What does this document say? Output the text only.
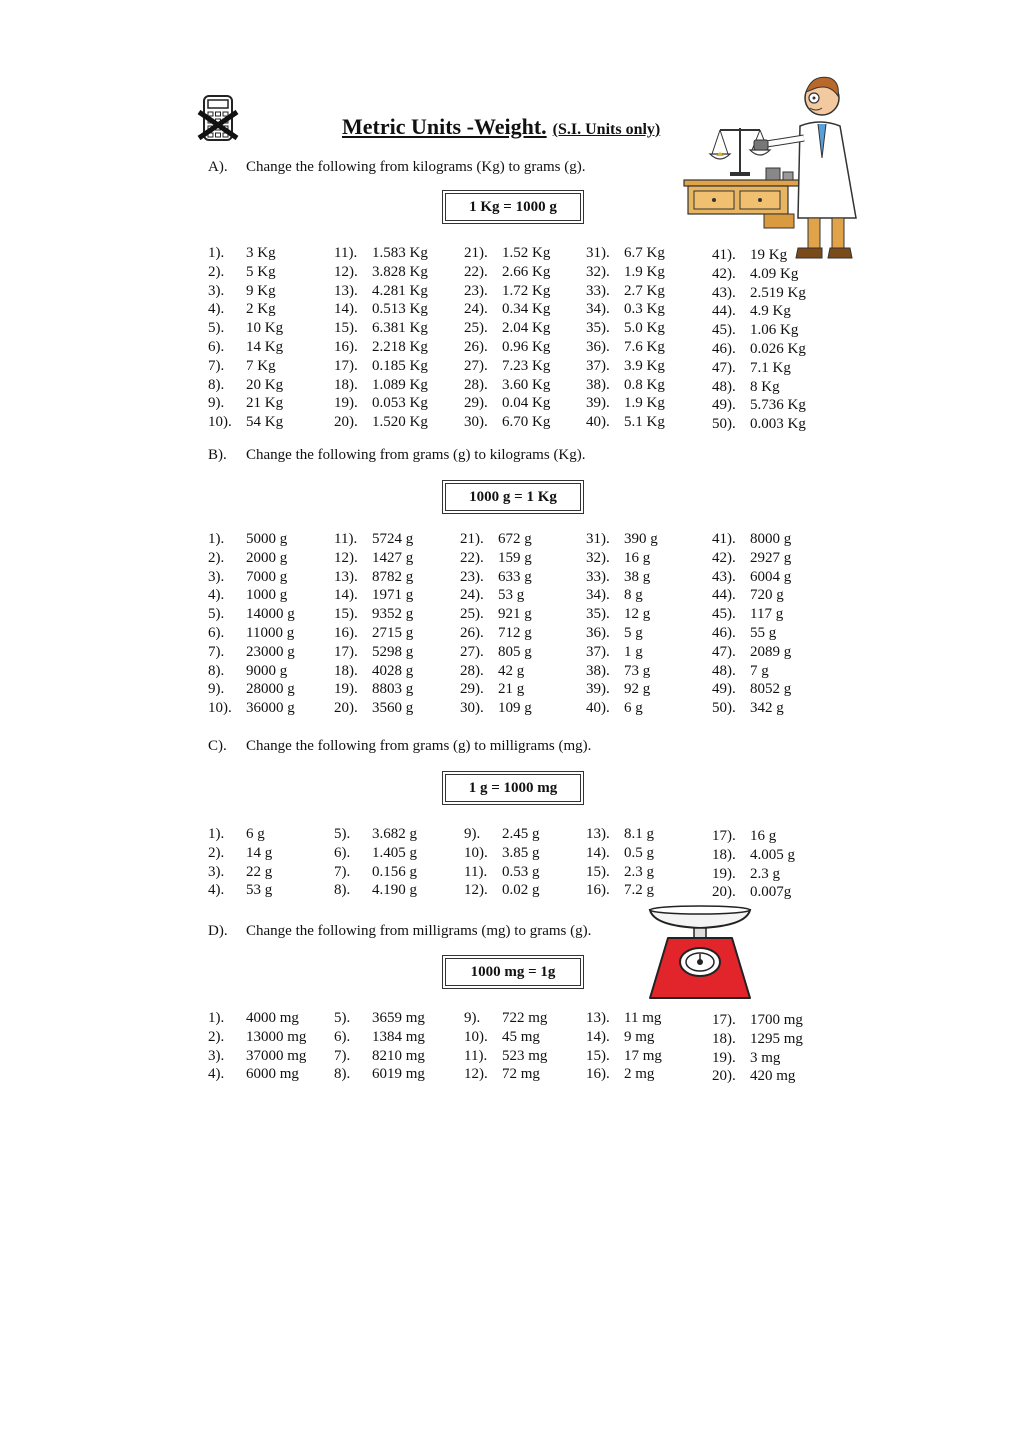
Metric Units -Weight. (S.I. Units only)
A). Change the following from kilograms (Kg) to grams (g).
1 Kg = 1000 g
1).	3 Kg
2).	5 Kg
3).	9 Kg
4).	2 Kg
5).	10 Kg
6).	14 Kg
7).	7 Kg
8).	20 Kg
9).	21 Kg
10). 54 Kg
11). 1.583 Kg
12). 3.828 Kg
13). 4.281 Kg
14). 0.513 Kg
15). 6.381 Kg
16). 2.218 Kg
17). 0.185 Kg
18). 1.089 Kg
19). 0.053 Kg
20). 1.520 Kg
21). 1.52 Kg
22). 2.66 Kg
23). 1.72 Kg
24). 0.34 Kg
25). 2.04 Kg
26). 0.96 Kg
27). 7.23 Kg
28). 3.60 Kg
29). 0.04 Kg
30). 6.70 Kg
31). 6.7 Kg
32). 1.9 Kg
33). 2.7 Kg
34). 0.3 Kg
35). 5.0 Kg
36). 7.6 Kg
37). 3.9 Kg
38). 0.8 Kg
39). 1.9 Kg
40). 5.1 Kg
41). 19 Kg
42). 4.09 Kg
43). 2.519 Kg
44). 4.9 Kg
45). 1.06 Kg
46). 0.026 Kg
47). 7.1 Kg
48). 8 Kg
49). 5.736 Kg
50). 0.003 Kg
B). Change the following from grams (g) to kilograms (Kg).
1000 g = 1 Kg
1).	5000 g
2).	2000 g
3).	7000 g
4).	1000 g
5).	14000 g
6).	11000 g
7).	23000 g
8).	9000 g
9).	28000 g
10). 36000 g
11). 5724 g
12). 1427 g
13). 8782 g
14). 1971 g
15). 9352 g
16). 2715 g
17). 5298 g
18). 4028 g
19). 8803 g
20). 3560 g
21). 672 g
22). 159 g
23). 633 g
24). 53 g
25). 921 g
26). 712 g
27). 805 g
28). 42 g
29). 21 g
30). 109 g
31). 390 g
32). 16 g
33). 38 g
34). 8 g
35). 12 g
36). 5 g
37). 1 g
38). 73 g
39). 92 g
40). 6 g
41). 8000 g
42). 2927 g
43). 6004 g
44). 720 g
45). 117 g
46). 55 g
47). 2089 g
48). 7 g
49). 8052 g
50). 342 g
C). Change the following from grams (g) to milligrams (mg).
1 g = 1000 mg
1).	6 g
2).	14 g
3).	22 g
4).	53 g
5).	3.682 g
6).	1.405 g
7).	0.156 g
8).	4.190 g
9).	2.45 g
10). 3.85 g
11). 0.53 g
12). 0.02 g
13). 8.1 g
14). 0.5 g
15). 2.3 g
16). 7.2 g
17). 16 g
18). 4.005 g
19). 2.3 g
20). 0.007g
D). Change the following from milligrams (mg) to grams (g).
1000 mg = 1g
1).	4000 mg
2).	13000 mg
3).	37000 mg
4).	6000 mg
5).	3659 mg
6).	1384 mg
7).	8210 mg
8).	6019 mg
9).	722 mg
10). 45 mg
11). 523 mg
12). 72 mg
13). 11 mg
14). 9 mg
15). 17 mg
16). 2 mg
17). 1700 mg
18). 1295 mg
19). 3 mg
20). 420 mg
